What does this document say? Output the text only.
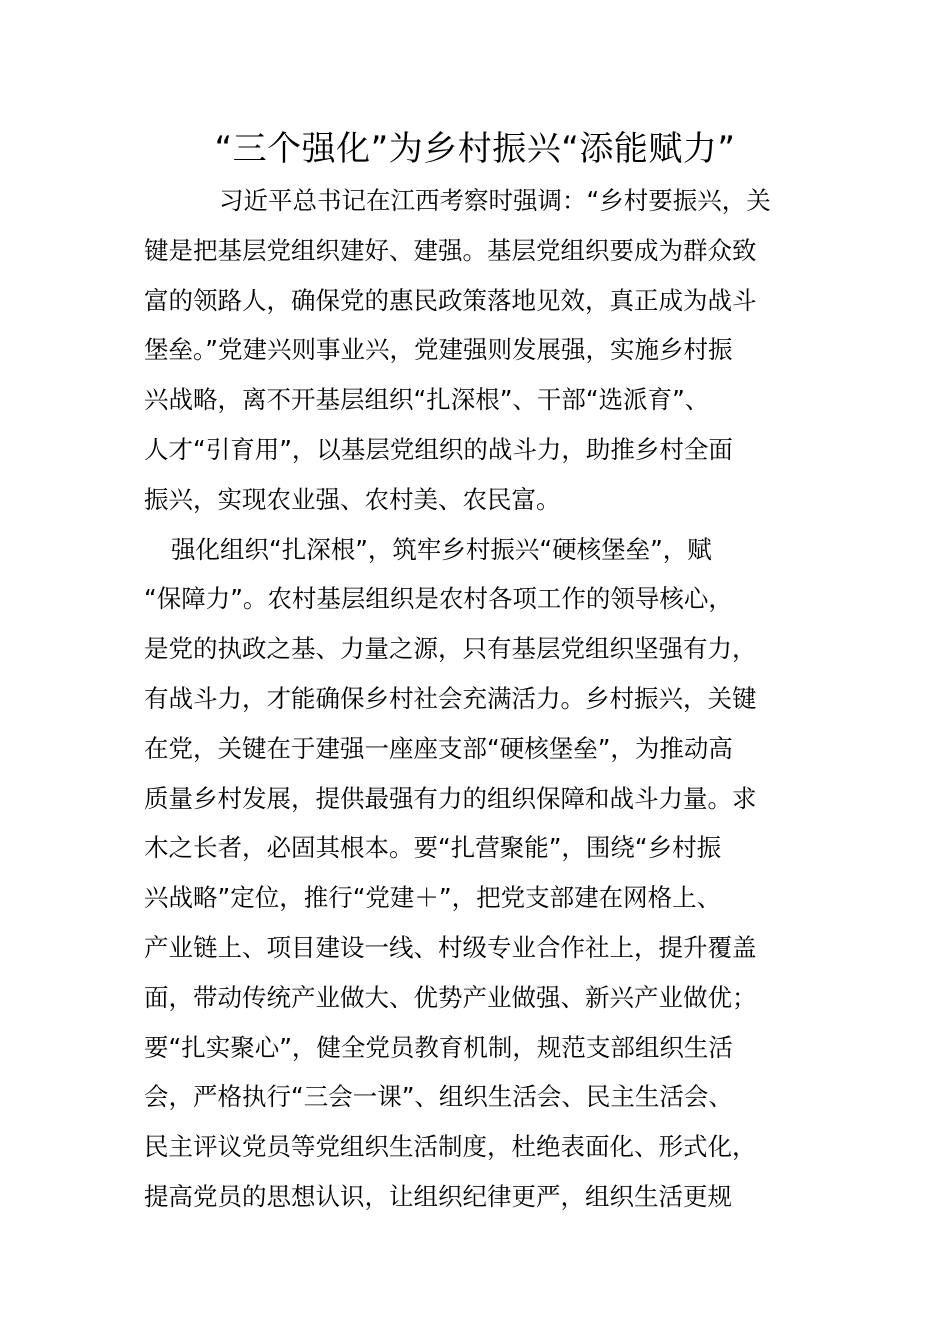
“三个强化”为乡村振兴“添能赋力”
习近平总书记在江西考察时强调：“乡村要振兴，关
键是把基层党组织建好、建强。基层党组织要成为群众致
富的领路人，确保党的惠民政策落地见效，真正成为战斗
堡垒。”党建兴则事业兴，党建强则发展强，实施乡村振
兴战略，离不开基层组织“扎深根”、干部“选派育”、
人才“引育用”，以基层党组织的战斗力，助推乡村全面
振兴，实现农业强、农村美、农民富。
强化组织“扎深根”，筑牢乡村振兴“硬核堡垒”，赋
“保障力”。农村基层组织是农村各项工作的领导核心，
是党的执政之基、力量之源，只有基层党组织坚强有力，
有战斗力，才能确保乡村社会充满活力。乡村振兴，关键
在党，关键在于建强一座座支部“硬核堡垒”，为推动高
质量乡村发展，提供最强有力的组织保障和战斗力量。求
木之长者，必固其根本。要“扎营聚能”，围绕“乡村振
兴战略”定位，推行“党建＋”，把党支部建在网格上、
产业链上、项目建设一线、村级专业合作社上，提升覆盖
面，带动传统产业做大、优势产业做强、新兴产业做优；
要“扎实聚心”，健全党员教育机制，规范支部组织生活
会，严格执行“三会一课”、组织生活会、民主生活会、
民主评议党员等党组织生活制度，杜绝表面化、形式化，
提高党员的思想认识，让组织纪律更严，组织生活更规
